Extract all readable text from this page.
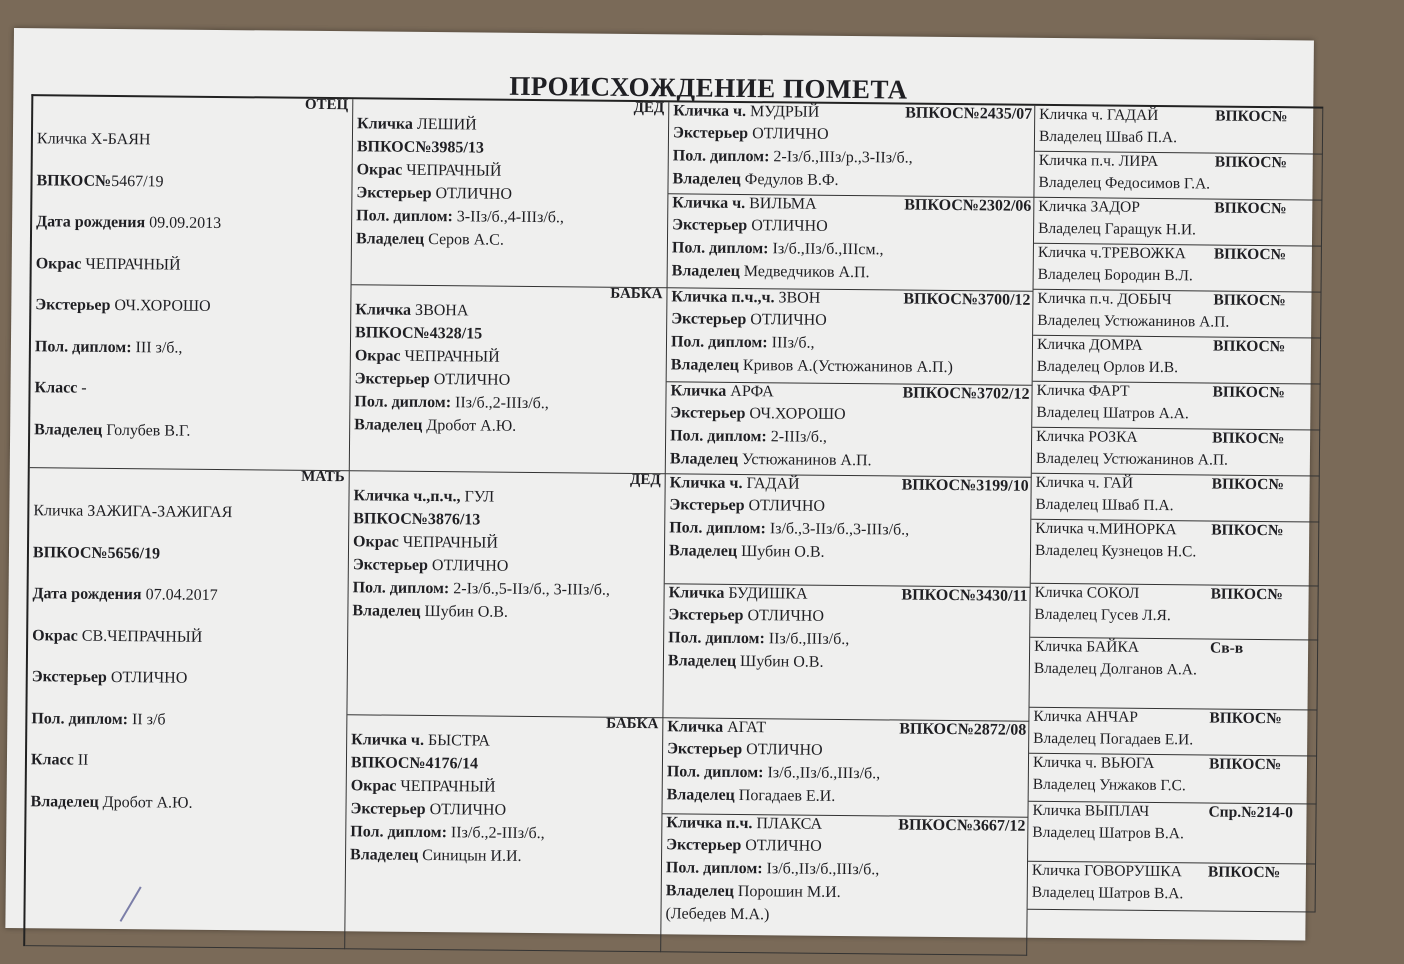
ПРОИСХОЖДЕНИЕ ПОМЕТА
ОТЕЦ
Кличка Х-БАЯН
ВПКОС№5467/19
Дата рождения 09.09.2013
Окрас ЧЕПРАЧНЫЙ
Экстерьер ОЧ.ХОРОШО
Пол. диплом: III з/б.,
Класс -
Владелец Голубев В.Г.
МАТЬ
Кличка ЗАЖИГА-ЗАЖИГАЯ
ВПКОС№5656/19
Дата рождения 07.04.2017
Окрас СВ.ЧЕПРАЧНЫЙ
Экстерьер ОТЛИЧНО
Пол. диплом: II з/б
Класс II
Владелец Дробот А.Ю.
ДЕД
Кличка ЛЕШИЙ
ВПКОС№3985/13
Окрас ЧЕПРАЧНЫЙ
Экстерьер ОТЛИЧНО
Пол. диплом: 3-IIз/б.,4-IIIз/б.,
Владелец Серов А.С.
БАБКА
Кличка ЗВОНА
ВПКОС№4328/15
Окрас ЧЕПРАЧНЫЙ
Экстерьер ОТЛИЧНО
Пол. диплом: IIз/б.,2-IIIз/б.,
Владелец Дробот А.Ю.
ДЕД
Кличка ч.,п.ч., ГУЛ
ВПКОС№3876/13
Окрас ЧЕПРАЧНЫЙ
Экстерьер ОТЛИЧНО
Пол. диплом: 2-Iз/б.,5-IIз/б., 3-IIIз/б.,
Владелец Шубин О.В.
БАБКА
Кличка ч. БЫСТРА
ВПКОС№4176/14
Окрас ЧЕПРАЧНЫЙ
Экстерьер ОТЛИЧНО
Пол. диплом: IIз/б.,2-IIIз/б.,
Владелец Синицын И.И.
Кличка ч. МУДРЫЙ	ВПКОС№2435/07
Экстерьер ОТЛИЧНО
Пол. диплом: 2-Iз/б.,IIIз/р.,3-IIз/б.,
Владелец Федулов В.Ф.
Кличка ч. ВИЛЬМА	ВПКОС№2302/06
Экстерьер ОТЛИЧНО
Пол. диплом: Iз/б.,IIз/б.,IIIсм.,
Владелец Медведчиков А.П.
Кличка п.ч.,ч. ЗВОН	ВПКОС№3700/12
Экстерьер ОТЛИЧНО
Пол. диплом: IIIз/б.,
Владелец Кривов А.(Устюжанинов А.П.)
Кличка АРФА	ВПКОС№3702/12
Экстерьер ОЧ.ХОРОШО
Пол. диплом: 2-IIIз/б.,
Владелец Устюжанинов А.П.
Кличка ч. ГАДАЙ	ВПКОС№3199/10
Экстерьер ОТЛИЧНО
Пол. диплом: Iз/б.,3-IIз/б.,3-IIIз/б.,
Владелец Шубин О.В.
Кличка БУДИШКА	ВПКОС№3430/11
Экстерьер ОТЛИЧНО
Пол. диплом: IIз/б.,IIIз/б.,
Владелец Шубин О.В.
Кличка АГАТ	ВПКОС№2872/08
Экстерьер ОТЛИЧНО
Пол. диплом: Iз/б.,IIз/б.,IIIз/б.,
Владелец Погадаев Е.И.
Кличка п.ч. ПЛАКСА	ВПКОС№3667/12
Экстерьер ОТЛИЧНО
Пол. диплом: Iз/б.,IIз/б.,IIIз/б.,
Владелец Порошин М.И.
(Лебедев М.А.)
Кличка ч. ГАДАЙ	ВПКОС№
Владелец Шваб П.А.
Кличка п.ч. ЛИРА	ВПКОС№
Владелец Федосимов Г.А.
Кличка ЗАДОР	ВПКОС№
Владелец Гаращук Н.И.
Кличка ч.ТРЕВОЖКА ВПКОС№
Владелец Бородин В.Л.
Кличка п.ч. ДОБЫЧ	ВПКОС№
Владелец Устюжанинов А.П.
Кличка ДОМРА	ВПКОС№
Владелец Орлов И.В.
Кличка ФАРТ	ВПКОС№
Владелец Шатров А.А.
Кличка РОЗКА	ВПКОС№
Владелец Устюжанинов А.П.
Кличка ч. ГАЙ	ВПКОС№
Владелец Шваб П.А.
Кличка ч.МИНОРКА ВПКОС№
Владелец Кузнецов Н.С.
Кличка СОКОЛ	ВПКОС№
Владелец Гусев Л.Я.
Кличка БАЙКА	Св-в
Владелец Долганов А.А.
Кличка АНЧАР	ВПКОС№
Владелец Погадаев Е.И.
Кличка ч. ВЬЮГА	ВПКОС№
Владелец Унжаков Г.С.
Кличка ВЫПЛАЧ	Спр.№214-0
Владелец Шатров В.А.
Кличка ГОВОРУШКА ВПКОС№
Владелец Шатров В.А.
